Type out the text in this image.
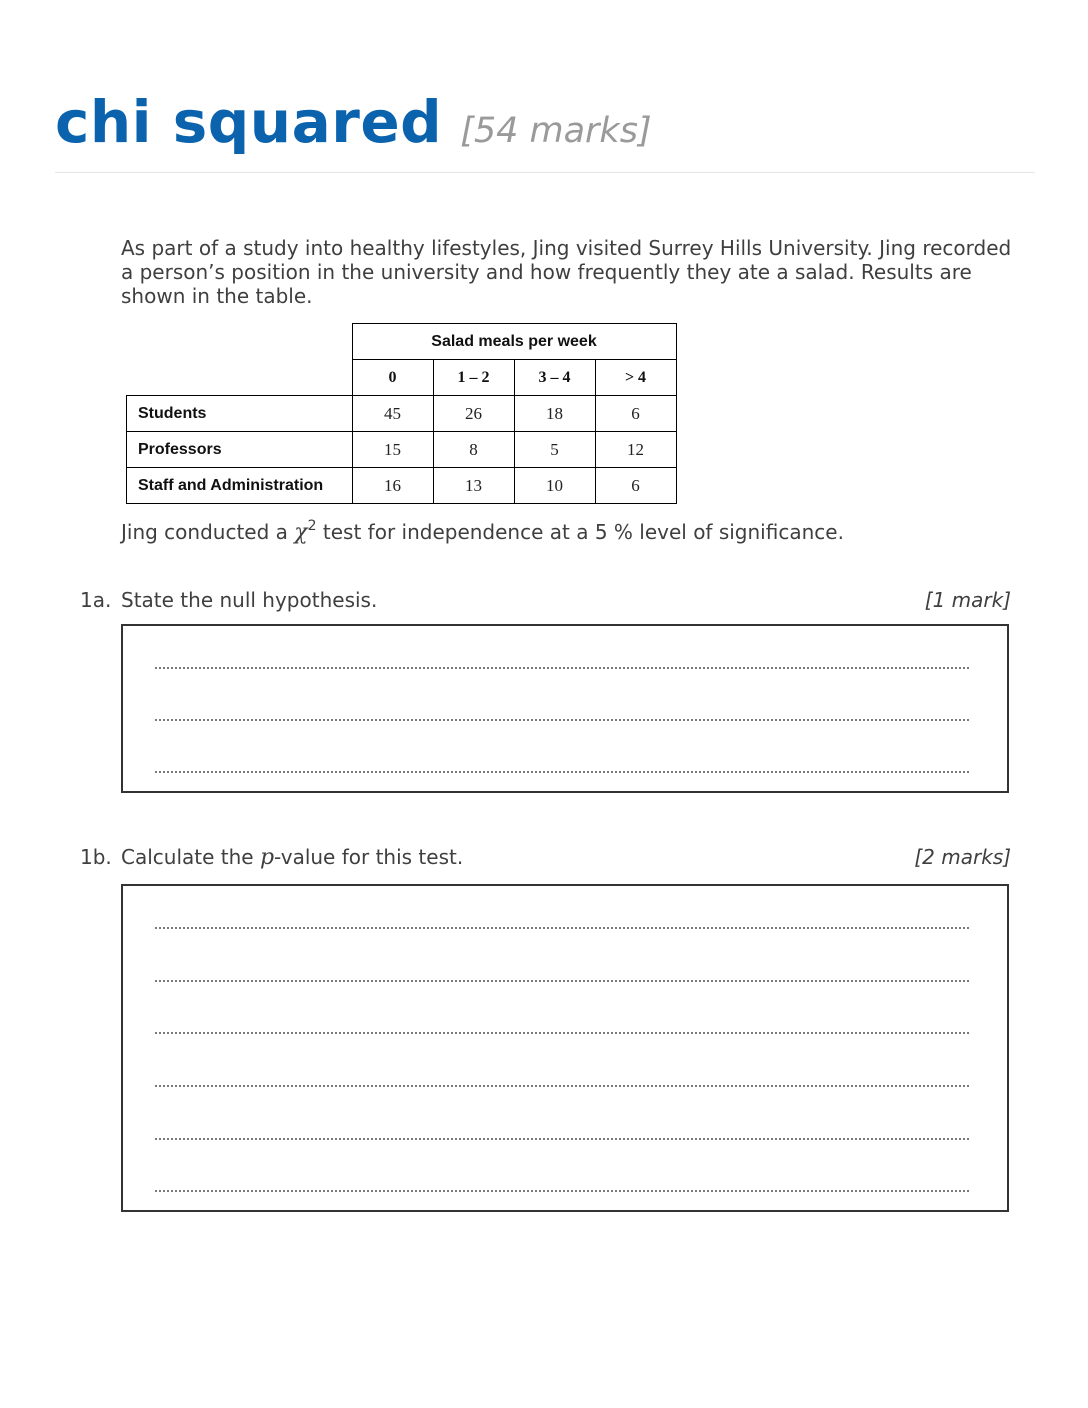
chi squared [54 marks]
As part of a study into healthy lifestyles, Jing visited Surrey Hills University. Jing recorded a person’s position in the university and how frequently they ate a salad. Results are shown in the table.
	Salad meals per week			
	0	1 – 2	3 – 4	> 4
Students	45	26	18	6
Professors	15	8	5	12
Staff and Administration	16	13	10	6
Jing conducted a $\chi^2$ test for independence at a 5 % level of significance.
1a. State the null hypothesis.	[1 mark]
1b. Calculate the p-value for this test.	[2 marks]
